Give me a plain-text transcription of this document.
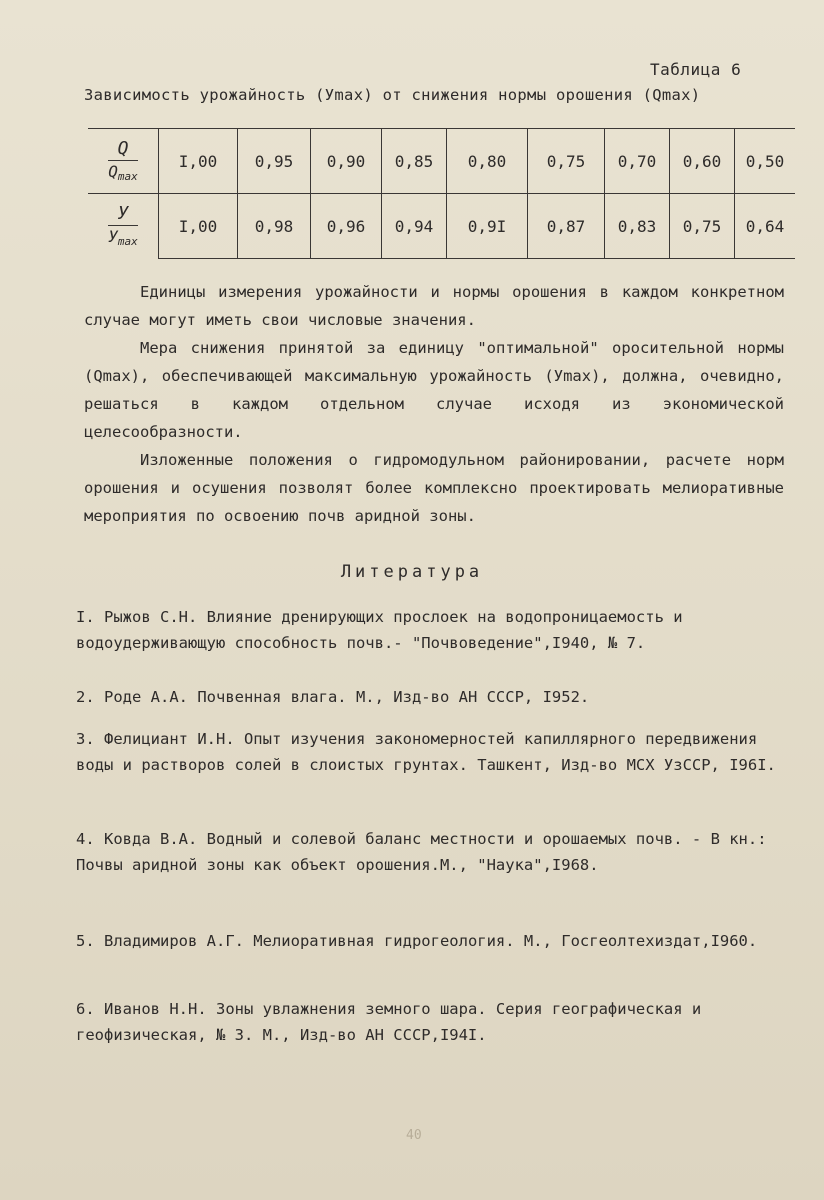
Таблица 6
Зависимость урожайность (Уmax) от снижения нормы орошения (Qmax)
$\frac{Q}{Q_{max}}$	I,00	0,95	0,90	0,85	0,80	0,75	0,70	0,60	0,50

$\frac{У}{У_{max}}$	I,00	0,98	0,96	0,94	0,9I	0,87	0,83	0,75	0,64

Единицы измерения урожайности и нормы орошения в каждом конкретном случае могут иметь свои числовые значения.

Мера снижения принятой за единицу "оптимальной" оросительной нормы (Qmax), обеспечивающей максимальную урожайность (Уmax), должна, очевидно, решаться в каждом отдельном случае исходя из экономической целесообразности.

Изложенные положения о гидромодульном районировании, расчете норм орошения и осушения позволят более комплексно проектировать мелиоративные мероприятия по освоению почв аридной зоны.

Литература
I. Рыжов С.Н. Влияние дренирующих прослоек на водопроницаемость и водоудерживающую способность почв.- "Почвоведение",I940, № 7.
2. Роде А.А. Почвенная влага. М., Изд-во АН СССР, I952.
3. Фелициант И.Н. Опыт изучения закономерностей капиллярного передвижения воды и растворов солей в слоистых грунтах. Ташкент, Изд-во МСХ УзССР, I96I.
4. Ковда В.А. Водный и солевой баланс местности и орошаемых почв. - В кн.: Почвы аридной зоны как объект орошения.М., "Наука",I968.
5. Владимиров А.Г. Мелиоративная гидрогеология. М., Госгеолтехиздат,I960.
6. Иванов Н.Н. Зоны увлажнения земного шара. Серия географическая и геофизическая, № 3. М., Изд-во АН СССР,I94I.
40
